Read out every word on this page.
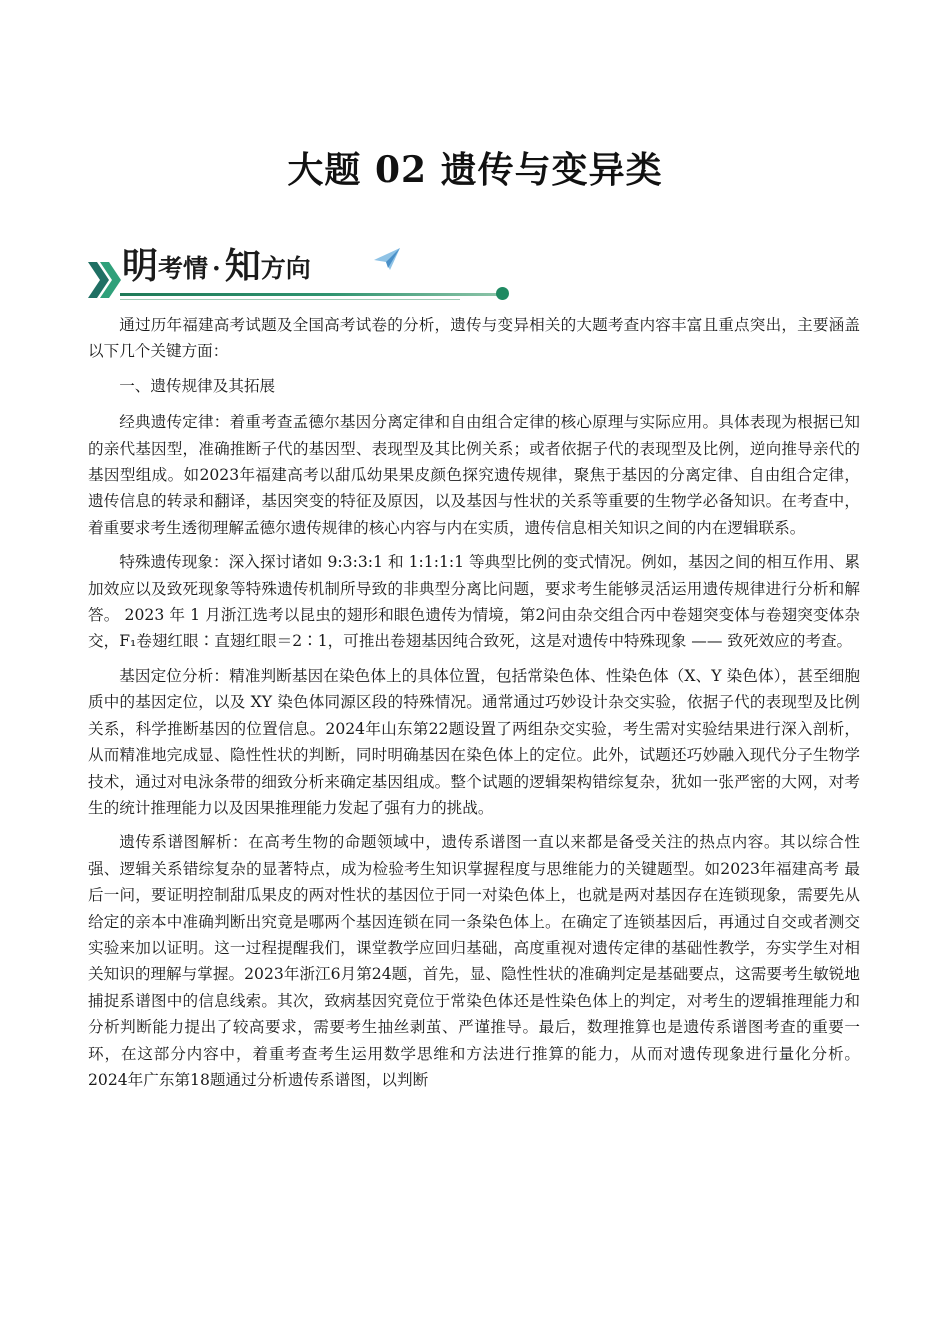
大题 02 遗传与变异类
明 考情 · 知 方向

通过历年福建高考试题及全国高考试卷的分析，遗传与变异相关的大题考查内容丰富且重点突出，主要涵盖以下几个关键方面：

一、遗传规律及其拓展

经典遗传定律：着重考查孟德尔基因分离定律和自由组合定律的核心原理与实际应用。具体表现为根据已知的亲代基因型，准确推断子代的基因型、表现型及其比例关系；或者依据子代的表现型及比例，逆向推导亲代的基因型组成。如2023年福建高考以甜瓜幼果果皮颜色探究遗传规律，聚焦于基因的分离定律、自由组合定律，遗传信息的转录和翻译，基因突变的特征及原因，以及基因与性状的关系等重要的生物学必备知识。在考查中，着重要求考生透彻理解孟德尔遗传规律的核心内容与内在实质，遗传信息相关知识之间的内在逻辑联系。

特殊遗传现象：深入探讨诸如 9:3:3:1 和 1:1:1:1 等典型比例的变式情况。例如，基因之间的相互作用、累加效应以及致死现象等特殊遗传机制所导致的非典型分离比问题，要求考生能够灵活运用遗传规律进行分析和解答。 2023 年 1 月浙江选考以昆虫的翅形和眼色遗传为情境，第2问由杂交组合丙中卷翅突变体与卷翅突变体杂交，F₁卷翅红眼∶直翅红眼＝2∶1，可推出卷翅基因纯合致死，这是对遗传中特殊现象 —— 致死效应的考查。

基因定位分析：精准判断基因在染色体上的具体位置，包括常染色体、性染色体（X、Y 染色体），甚至细胞质中的基因定位，以及 XY 染色体同源区段的特殊情况。通常通过巧妙设计杂交实验，依据子代的表现型及比例关系，科学推断基因的位置信息。2024年山东第22题设置了两组杂交实验，考生需对实验结果进行深入剖析，从而精准地完成显、隐性性状的判断，同时明确基因在染色体上的定位。此外，试题还巧妙融入现代分子生物学技术，通过对电泳条带的细致分析来确定基因组成。整个试题的逻辑架构错综复杂，犹如一张严密的大网，对考生的统计推理能力以及因果推理能力发起了强有力的挑战。

遗传系谱图解析：在高考生物的命题领域中，遗传系谱图一直以来都是备受关注的热点内容。其以综合性强、逻辑关系错综复杂的显著特点，成为检验考生知识掌握程度与思维能力的关键题型。如2023年福建高考 最后一问，要证明控制甜瓜果皮的两对性状的基因位于同一对染色体上，也就是两对基因存在连锁现象，需要先从给定的亲本中准确判断出究竟是哪两个基因连锁在同一条染色体上。在确定了连锁基因后，再通过自交或者测交实验来加以证明。这一过程提醒我们，课堂教学应回归基础，高度重视对遗传定律的基础性教学，夯实学生对相关知识的理解与掌握。2023年浙江6月第24题，首先，显、隐性性状的准确判定是基础要点，这需要考生敏锐地捕捉系谱图中的信息线索。其次，致病基因究竟位于常染色体还是性染色体上的判定，对考生的逻辑推理能力和分析判断能力提出了较高要求，需要考生抽丝剥茧、严谨推导。最后，数理推算也是遗传系谱图考查的重要一环，在这部分内容中，着重考查考生运用数学思维和方法进行推算的能力，从而对遗传现象进行量化分析。2024年广东第18题通过分析遗传系谱图，以判断
